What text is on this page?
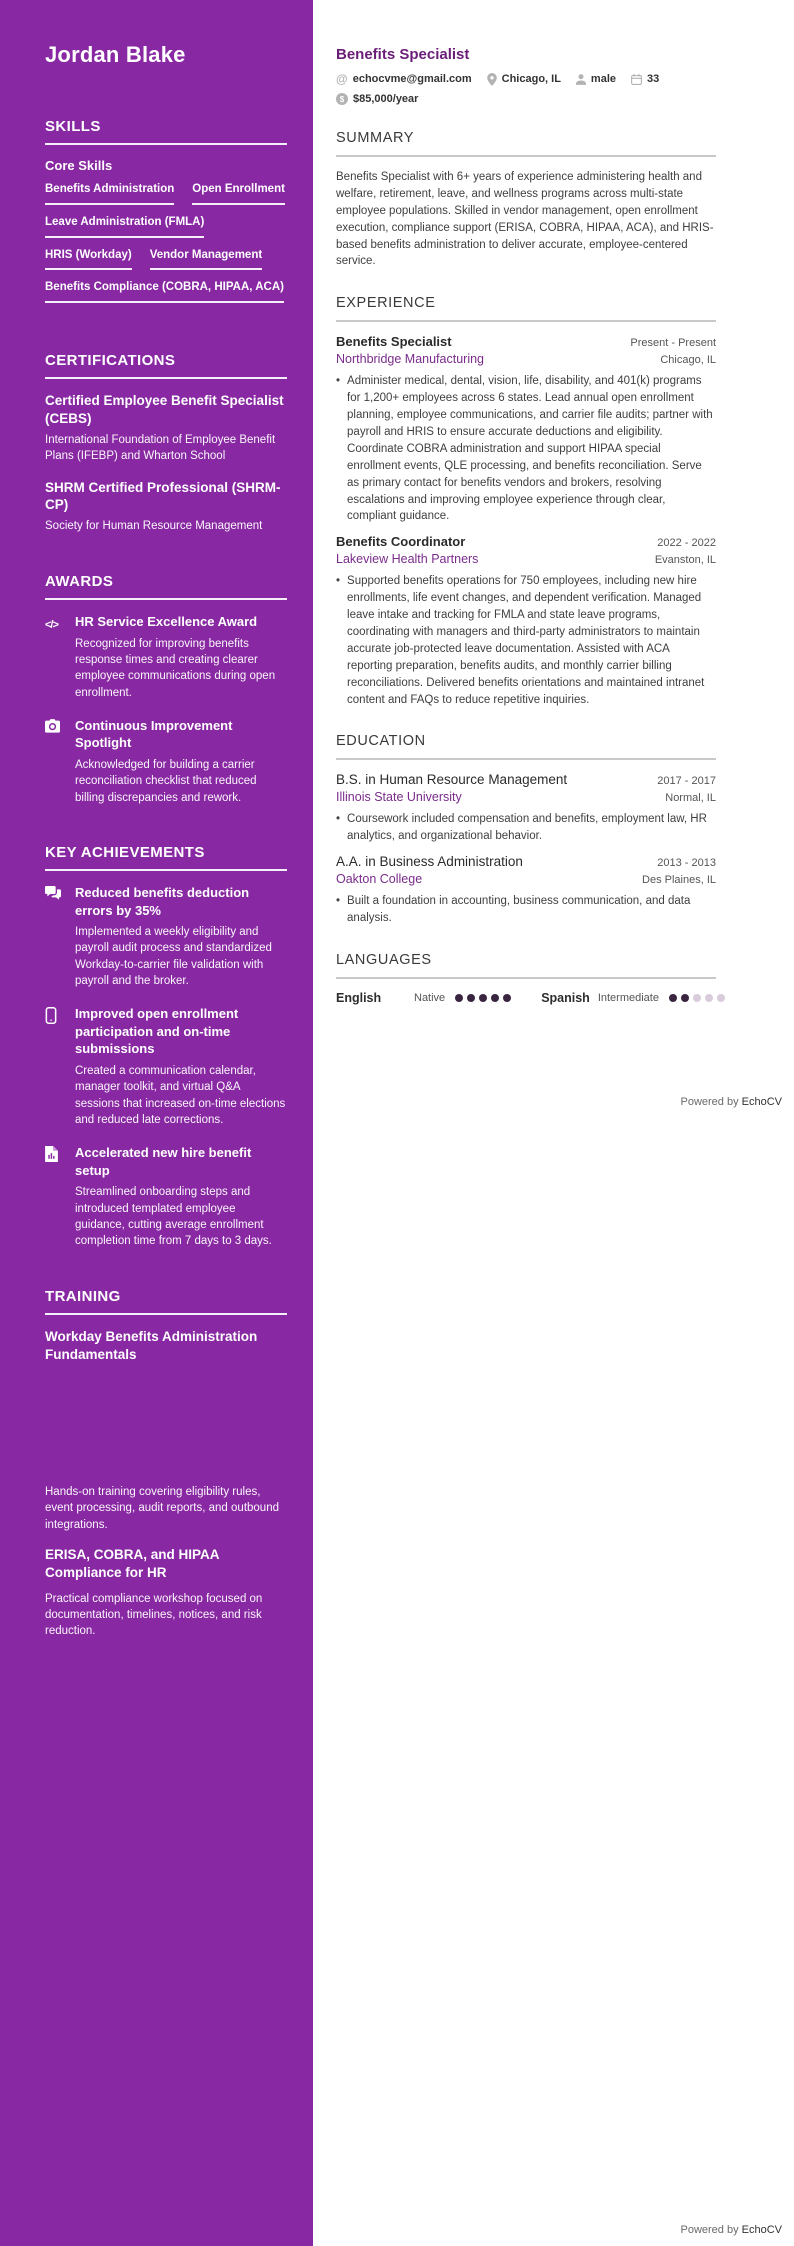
Jordan Blake
SKILLS
Core Skills
Benefits Administration Open Enrollment
Leave Administration (FMLA)
HRIS (Workday) Vendor Management
Benefits Compliance (COBRA, HIPAA, ACA)
CERTIFICATIONS
Certified Employee Benefit Specialist (CEBS)
International Foundation of Employee Benefit Plans (IFEBP) and Wharton School
SHRM Certified Professional (SHRM-CP)
Society for Human Resource Management
AWARDS
</>	HR Service Excellence Award
Recognized for improving benefits response times and creating clearer employee communications during open enrollment.
Continuous Improvement Spotlight
Acknowledged for building a carrier reconciliation checklist that reduced billing discrepancies and rework.
KEY ACHIEVEMENTS
Reduced benefits deduction errors by 35%
Implemented a weekly eligibility and payroll audit process and standardized Workday-to-carrier file validation with payroll and the broker.
Improved open enrollment participation and on-time submissions
Created a communication calendar, manager toolkit, and virtual Q&A sessions that increased on-time elections and reduced late corrections.
Accelerated new hire benefit setup
Streamlined onboarding steps and introduced templated employee guidance, cutting average enrollment completion time from 7 days to 3 days.
TRAINING
Workday Benefits Administration Fundamentals
Hands-on training covering eligibility rules, event processing, audit reports, and outbound integrations.
ERISA, COBRA, and HIPAA Compliance for HR
Practical compliance workshop focused on documentation, timelines, notices, and risk reduction.
Benefits Specialist
@ echocvme@gmail.com	Chicago, IL	male	33
$ $85,000/year
SUMMARY

Benefits Specialist with 6+ years of experience administering health and welfare, retirement, leave, and wellness programs across multi-state employee populations. Skilled in vendor management, open enrollment execution, compliance support (ERISA, COBRA, HIPAA, ACA), and HRIS-based benefits administration to deliver accurate, employee-centered service.

EXPERIENCE
Benefits Specialist	Present - Present
Northbridge Manufacturing	Chicago, IL
• Administer medical, dental, vision, life, disability, and 401(k) programs for 1,200+ employees across 6 states. Lead annual open enrollment planning, employee communications, and carrier file audits; partner with payroll and HRIS to ensure accurate deductions and eligibility. Coordinate COBRA administration and support HIPAA special enrollment events, QLE processing, and benefits reconciliation. Serve as primary contact for benefits vendors and brokers, resolving escalations and improving employee experience through clear, compliant guidance.
Benefits Coordinator	2022 - 2022
Lakeview Health Partners	Evanston, IL
• Supported benefits operations for 750 employees, including new hire enrollments, life event changes, and dependent verification. Managed leave intake and tracking for FMLA and state leave programs, coordinating with managers and third-party administrators to maintain accurate job-protected leave documentation. Assisted with ACA reporting preparation, benefits audits, and monthly carrier billing reconciliations. Delivered benefits orientations and maintained intranet content and FAQs to reduce repetitive inquiries.
EDUCATION
B.S. in Human Resource Management	2017 - 2017
Illinois State University	Normal, IL
• Coursework included compensation and benefits, employment law, HR analytics, and organizational behavior.
A.A. in Business Administration	2013 - 2013
Oakton College	Des Plaines, IL
• Built a foundation in accounting, business communication, and data analysis.
LANGUAGES
English	Native	Spanish Intermediate
Powered by EchoCV
Powered by EchoCV
